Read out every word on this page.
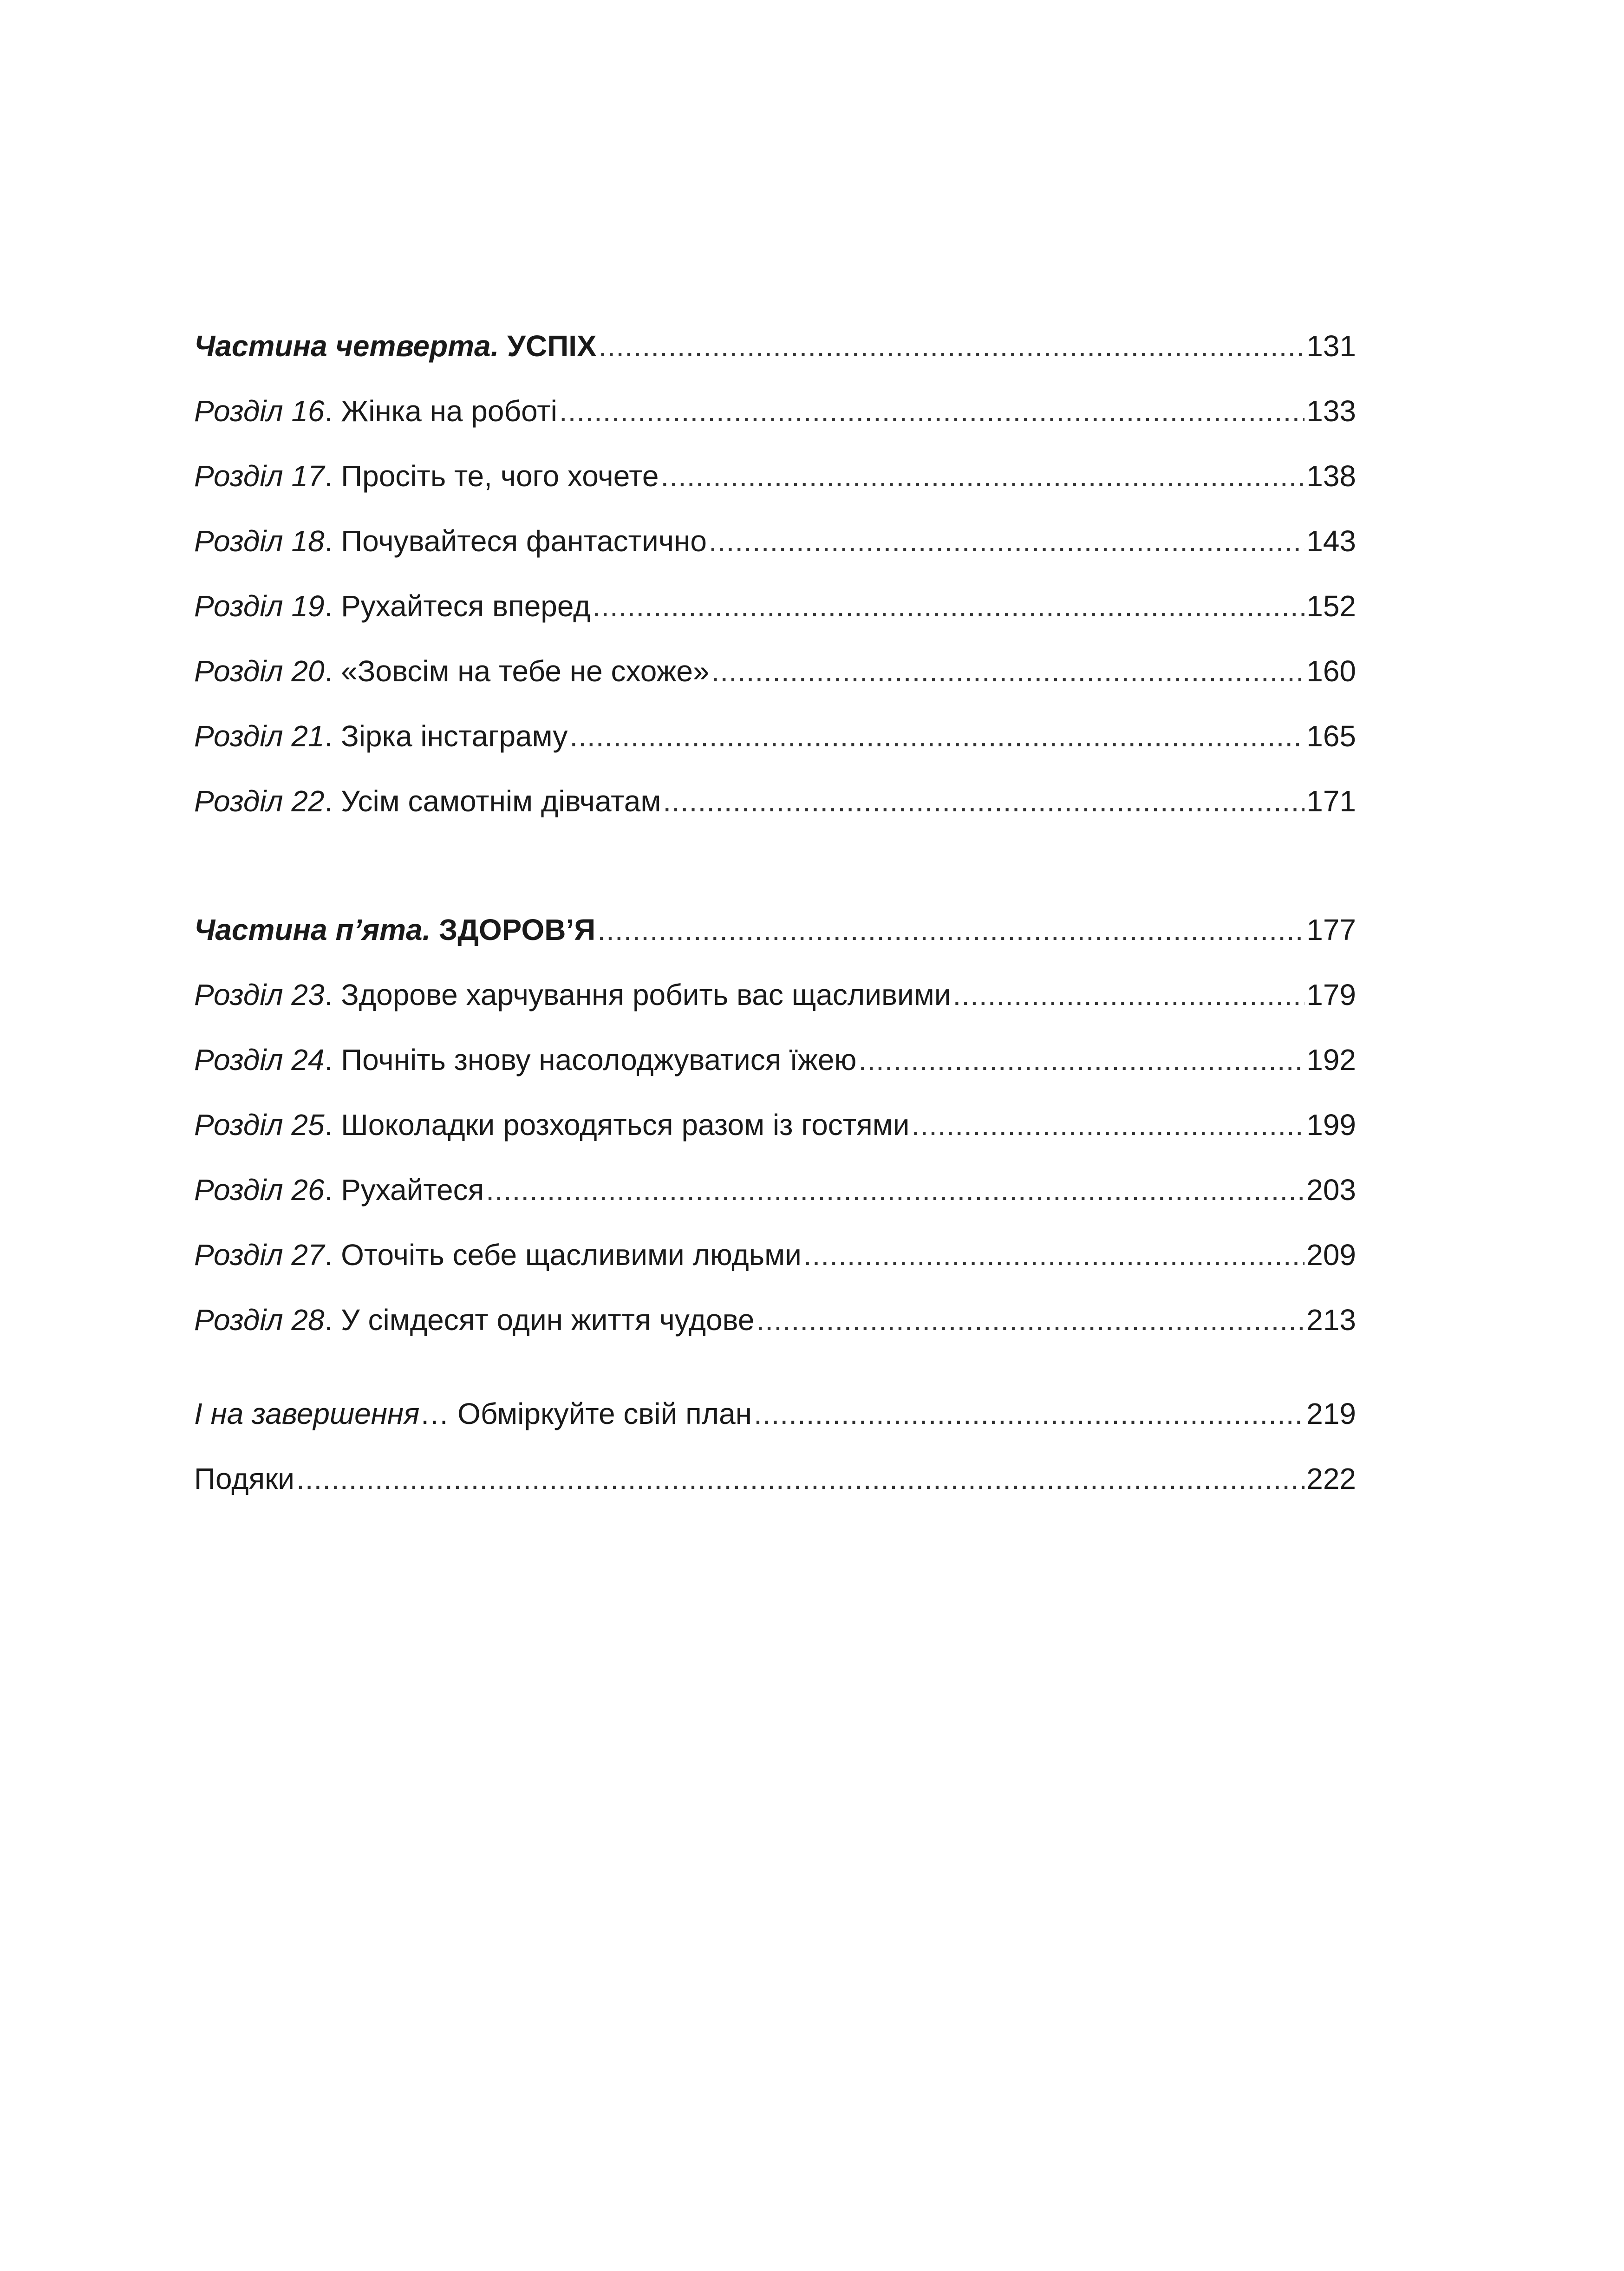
Частина четверта. УСПІХ .....	131
Розділ 16. Жінка на роботі .....	133
Розділ 17. Просіть те, чого хочете .....	138
Розділ 18. Почувайтеся фантастично .....	143
Розділ 19. Рухайтеся вперед .....	152
Розділ 20. «Зовсім на тебе не схоже» .....	160
Розділ 21. Зірка інстаграму .....	165
Розділ 22. Усім самотнім дівчатам .....	171
Частина п’ята. ЗДОРОВ’Я .....	177
Розділ 23. Здорове харчування робить вас щасливими .....	179
Розділ 24. Почніть знову насолоджуватися їжею .....	192
Розділ 25. Шоколадки розходяться разом із гостями .....	199
Розділ 26. Рухайтеся .....	203
Розділ 27. Оточіть себе щасливими людьми .....	209
Розділ 28. У сімдесят один життя чудове .....	213
І на завершення… Обміркуйте свій план .....	219
Подяки .....	222
